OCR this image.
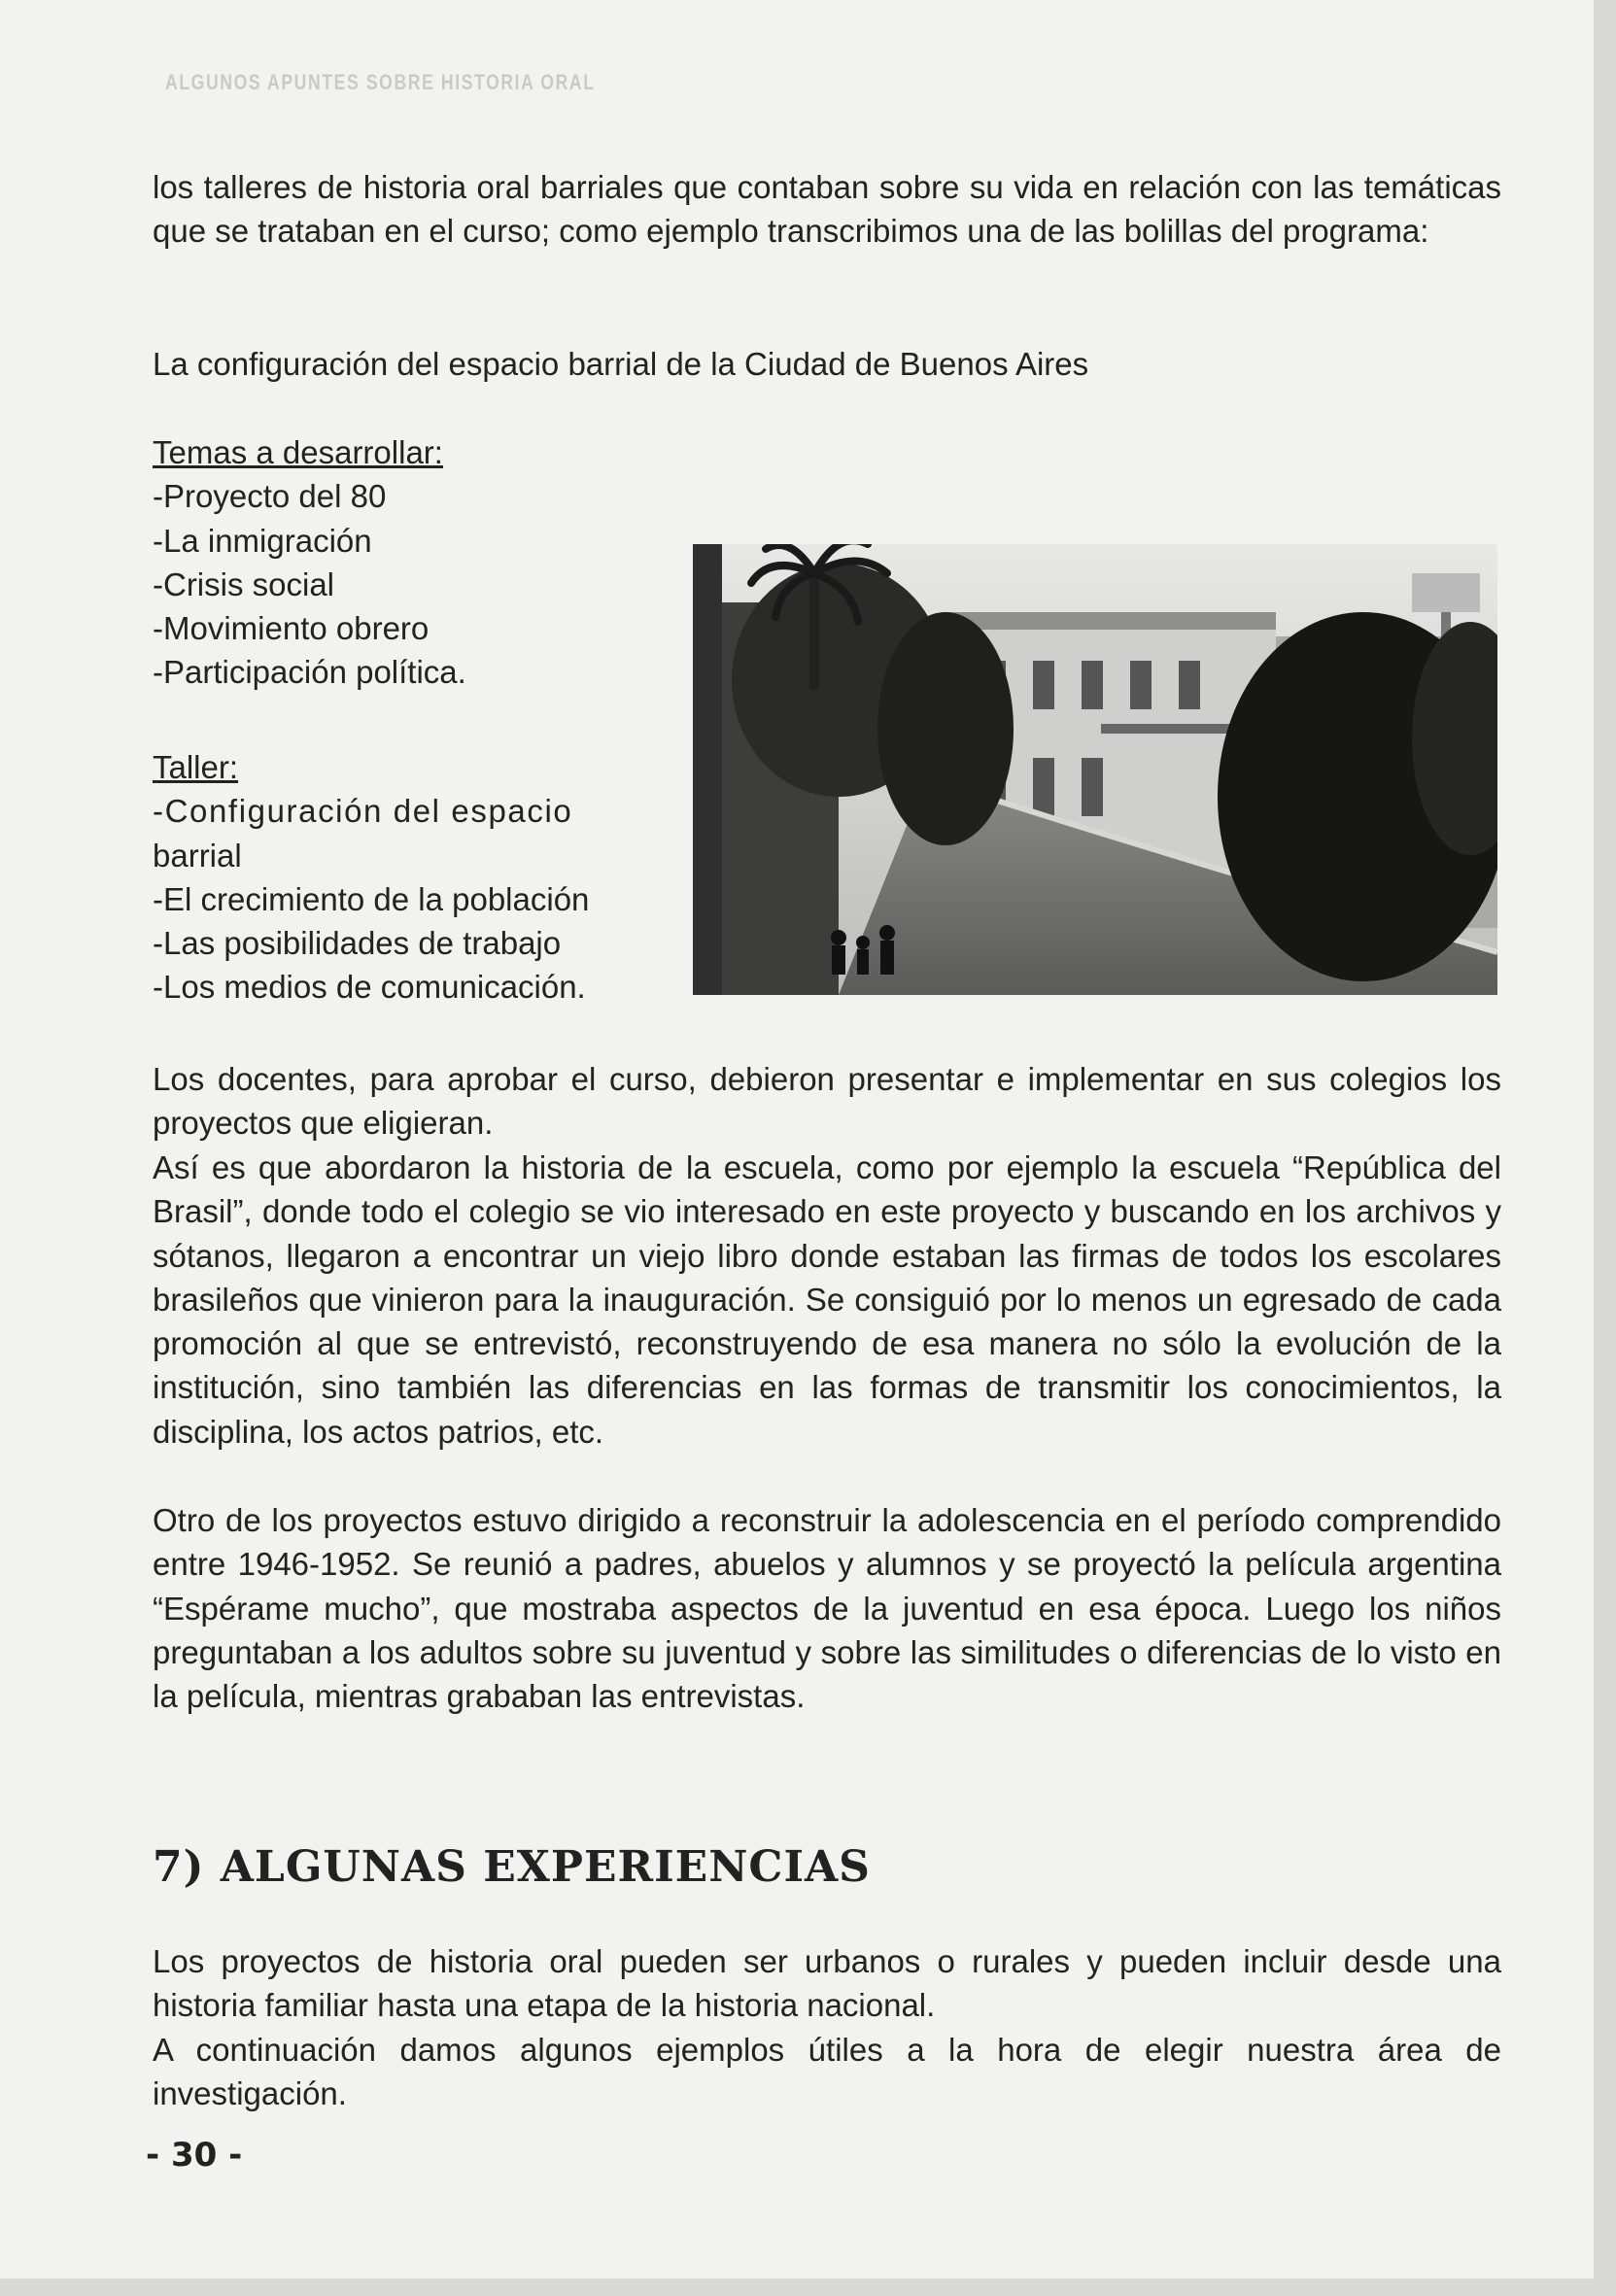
ALGUNOS APUNTES SOBRE HISTORIA ORAL

los talleres de historia oral barriales que contaban sobre su vida en relación con las temáticas que se trataban en el curso; como ejemplo transcribimos una de las bolillas del programa:

La configuración del espacio barrial de la Ciudad de Buenos Aires
Temas a desarrollar:
-Proyecto del 80
-La inmigración
-Crisis social
-Movimiento obrero
-Participación política.
Taller:
-Configuración del espacio
barrial
-El crecimiento de la población
-Las posibilidades de trabajo
-Los medios de comunicación.

Los docentes, para aprobar el curso, debieron presentar e implementar en sus colegios los proyectos que eligieran.

Así es que abordaron la historia de la escuela, como por ejemplo la escuela “República del Brasil”, donde todo el colegio se vio interesado en este proyecto y buscando en los archivos y sótanos, llegaron a encontrar un viejo libro donde estaban las firmas de todos los escolares brasileños que vinieron para la inauguración. Se consiguió por lo menos un egresado de cada promoción al que se entrevistó, reconstruyendo de esa manera no sólo la evolución de la institución, sino también las diferencias en las formas de transmitir los conocimientos, la disciplina, los actos patrios, etc.

Otro de los proyectos estuvo dirigido a reconstruir la adolescencia en el período comprendido entre 1946-1952. Se reunió a padres, abuelos y alumnos y se proyectó la película argentina “Espérame mucho”, que mostraba aspectos de la juventud en esa época. Luego los niños preguntaban a los adultos sobre su juventud y sobre las similitudes o diferencias de lo visto en la película, mientras grababan las entrevistas.

7) ALGUNAS EXPERIENCIAS

Los proyectos de historia oral pueden ser urbanos o rurales y pueden incluir desde una historia familiar hasta una etapa de la historia nacional.

A continuación damos algunos ejemplos útiles a la hora de elegir nuestra área de investigación.

- 30 -
